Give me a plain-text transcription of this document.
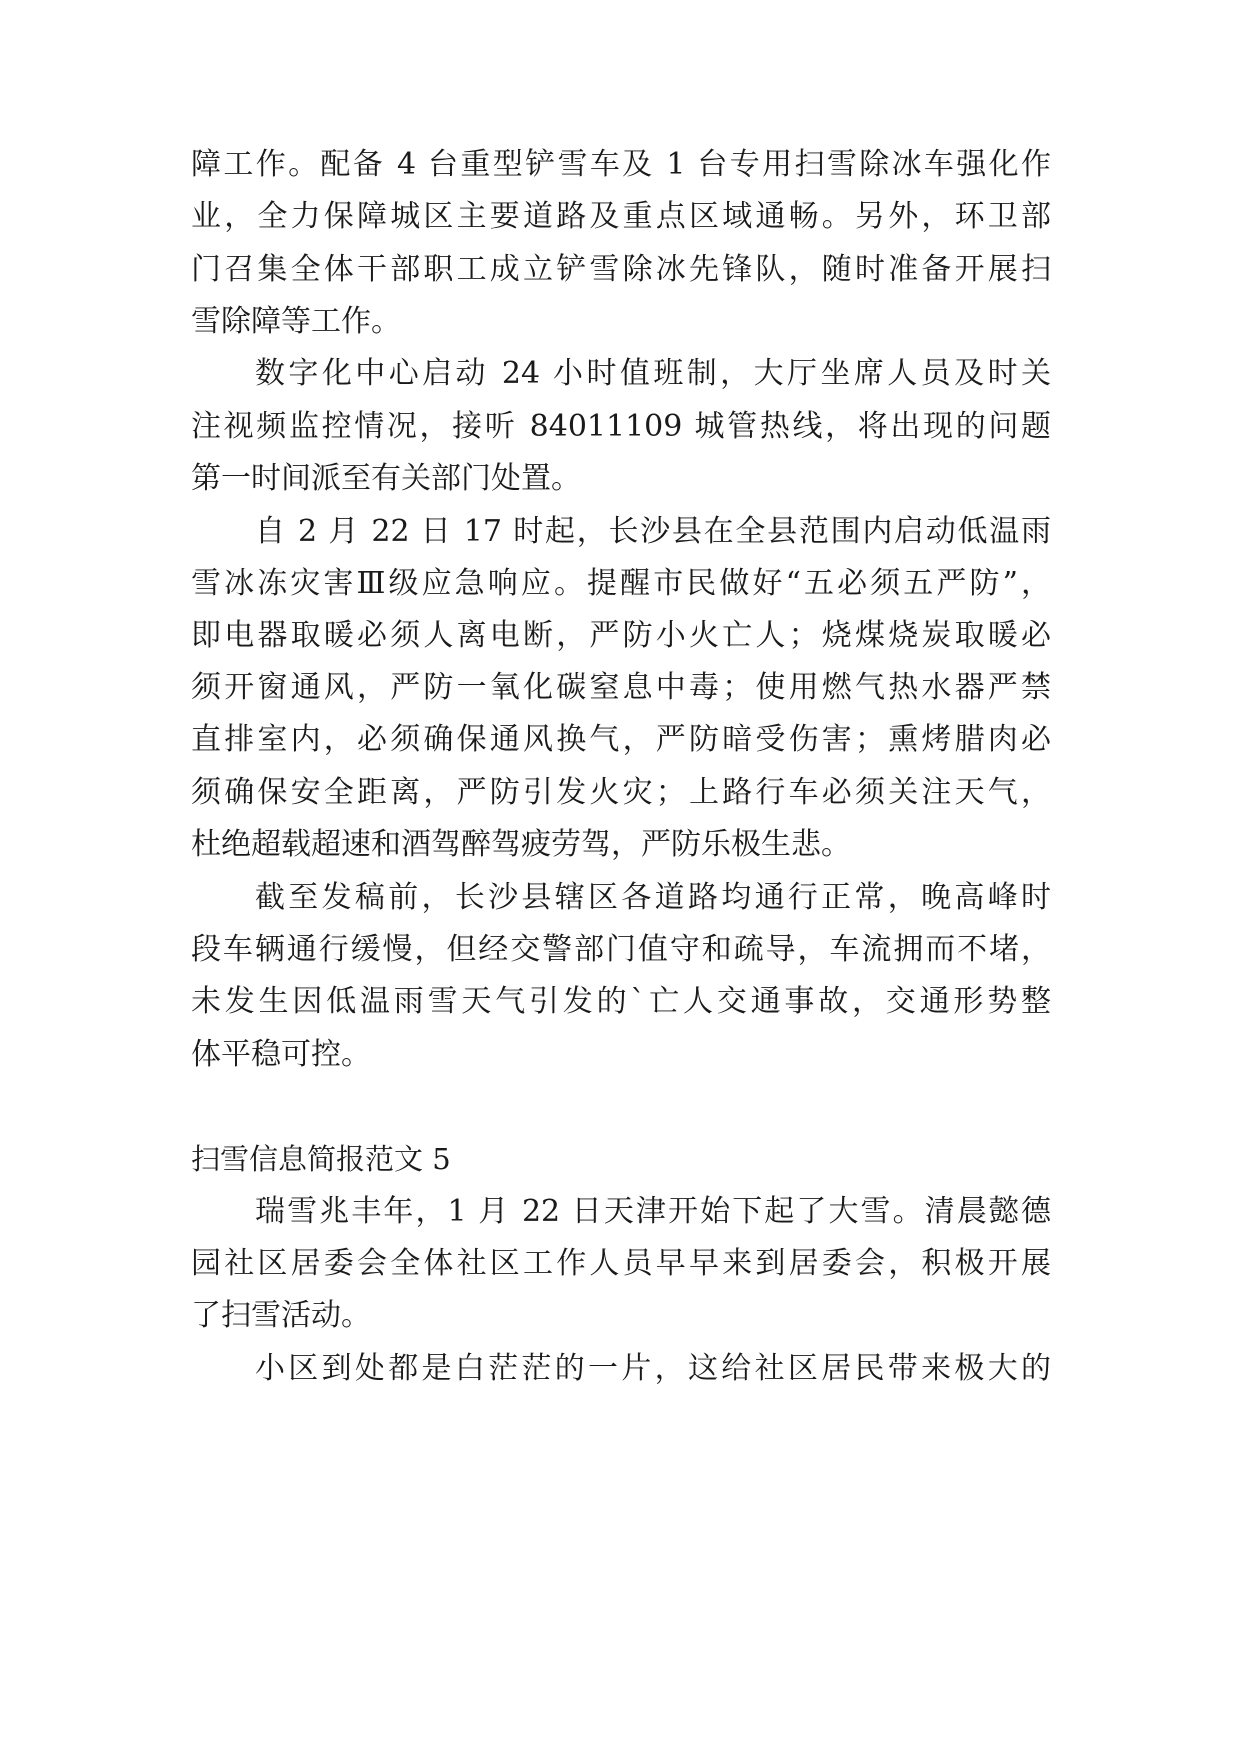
障工作。配备 4 台重型铲雪车及 1 台专用扫雪除冰车强化作
业，全力保障城区主要道路及重点区域通畅。另外，环卫部
门召集全体干部职工成立铲雪除冰先锋队，随时准备开展扫
雪除障等工作。
数字化中心启动 24 小时值班制，大厅坐席人员及时关
注视频监控情况，接听 84011109 城管热线，将出现的问题
第一时间派至有关部门处置。
自 2 月 22 日 17 时起，长沙县在全县范围内启动低温雨
雪冰冻灾害Ⅲ级应急响应。提醒市民做好“五必须五严防”，
即电器取暖必须人离电断，严防小火亡人；烧煤烧炭取暖必
须开窗通风，严防一氧化碳窒息中毒；使用燃气热水器严禁
直排室内，必须确保通风换气，严防暗受伤害；熏烤腊肉必
须确保安全距离，严防引发火灾；上路行车必须关注天气，
杜绝超载超速和酒驾醉驾疲劳驾，严防乐极生悲。
截至发稿前，长沙县辖区各道路均通行正常，晚高峰时
段车辆通行缓慢，但经交警部门值守和疏导，车流拥而不堵，
未发生因低温雨雪天气引发的`亡人交通事故，交通形势整
体平稳可控。
扫雪信息简报范文 5
瑞雪兆丰年，1 月 22 日天津开始下起了大雪。清晨懿德
园社区居委会全体社区工作人员早早来到居委会，积极开展
了扫雪活动。
小区到处都是白茫茫的一片，这给社区居民带来极大的
